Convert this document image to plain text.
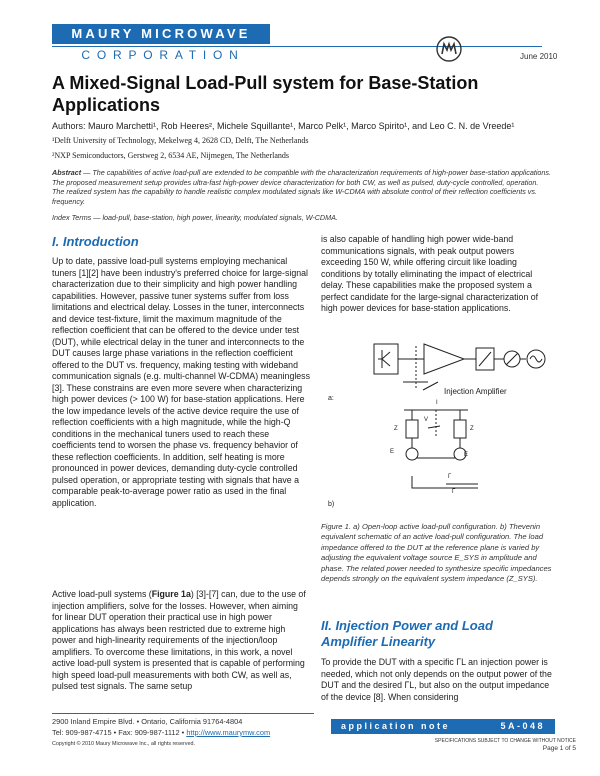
MAURY MICROWAVE
CORPORATION	June 2010
A Mixed-Signal Load-Pull system for Base-Station Applications
Authors: Mauro Marchetti¹, Rob Heeres², Michele Squillante¹, Marco Pelk¹, Marco Spirito¹, and Leo C. N. de Vreede¹
¹Delft University of Technology, Mekelweg 4, 2628 CD, Delft, The Netherlands
²NXP Semiconductors, Gerstweg 2, 6534 AE, Nijmegen, The Netherlands
Abstract — The capabilities of active load-pull are extended to be compatible with the characterization requirements of high-power base-station applications. The proposed measurement setup provides ultra-fast high-power device characterization for both CW, as well as pulsed, duty-cycle controlled, operation. The realized system has the capability to handle realistic complex modulated signals like W-CDMA with absolute control of their reflection coefficients vs. frequency.
Index Terms — load-pull, base-station, high power, linearity, modulated signals, W-CDMA.
I. Introduction
Up to date, passive load-pull systems employing mechanical tuners [1][2] have been industry's preferred choice for large-signal characterization due to their simplicity and high power handling capabilities. However, passive tuner systems suffer from loss limitations and electrical delay. Losses in the tuner, interconnects and device test-fixture, limit the maximum magnitude of the reflection coefficient that can be offered to the device under test (DUT), while electrical delay in the tuner and interconnects to the DUT causes large phase variations in the reflection coefficient offered to the DUT vs. frequency, making testing with wideband communication signals (e.g. multi-channel W-CDMA) meaningless [3]. These constrains are even more severe when characterizing high power devices (> 100 W) for base-station applications. Here the low impedance levels of the active device require the use of reflection coefficients with a high magnitude, while the high-Q conditions in the mechanical tuners used to reach these coefficients tend to worsen the phase vs. frequency behavior of these reflection coefficients. In addition, self heating is more pronounced in power devices, demanding duty-cycle controlled pulsed operation, or appropriate testing with signals that have a comparable peak-to-average power ratio as used in the final application.
Active load-pull systems (Figure 1a) [3]-[7] can, due to the use of injection amplifiers, solve for the losses. However, when aiming for linear DUT operation their practical use in high power applications has always been restricted due to extreme high power and high-linearity requirements of the injection/loop amplifiers. To overcome these limitations, in this work, a novel active load-pull system is presented that is capable of performing high speed load-pull measurements with both CW, as well as, pulsed test signals. The same setup
is also capable of handling high power wide-band communications signals, with peak output powers exceeding 150 W, while offering circuit like loading conditions by totally eliminating the impact of electrical delay. These capabilities make the proposed system a perfect candidate for the large-signal characterization of high power devices for base-station applications.
E	E
Z	Z
V
I
Γ
Γ
a:
b)
Injection Amplifier
Figure 1. a) Open-loop active load-pull configuration. b) Thevenin equivalent schematic of an active load-pull configuration. The load impedance offered to the DUT at the reference plane is varied by adjusting the equivalent voltage source E_SYS in amplitude and phase. The related power needed to synthesize specific impedances depends strongly on the equivalent system impedance (Z_SYS).
II. Injection Power and Load Amplifier Linearity
To provide the DUT with a specific ΓL an injection power is needed, which not only depends on the output power of the DUT and the desired ΓL, but also on the output impedance of the device [8]. When considering
2900 Inland Empire Blvd. • Ontario, California 91764-4804
Tel: 909-987-4715 • Fax: 909-987-1112 • http://www.maurymw.com
Copyright © 2010 Maury Microwave Inc., all rights reserved.
application note	5A-048
SPECIFICATIONS SUBJECT TO CHANGE WITHOUT NOTICE
Page 1 of 5
